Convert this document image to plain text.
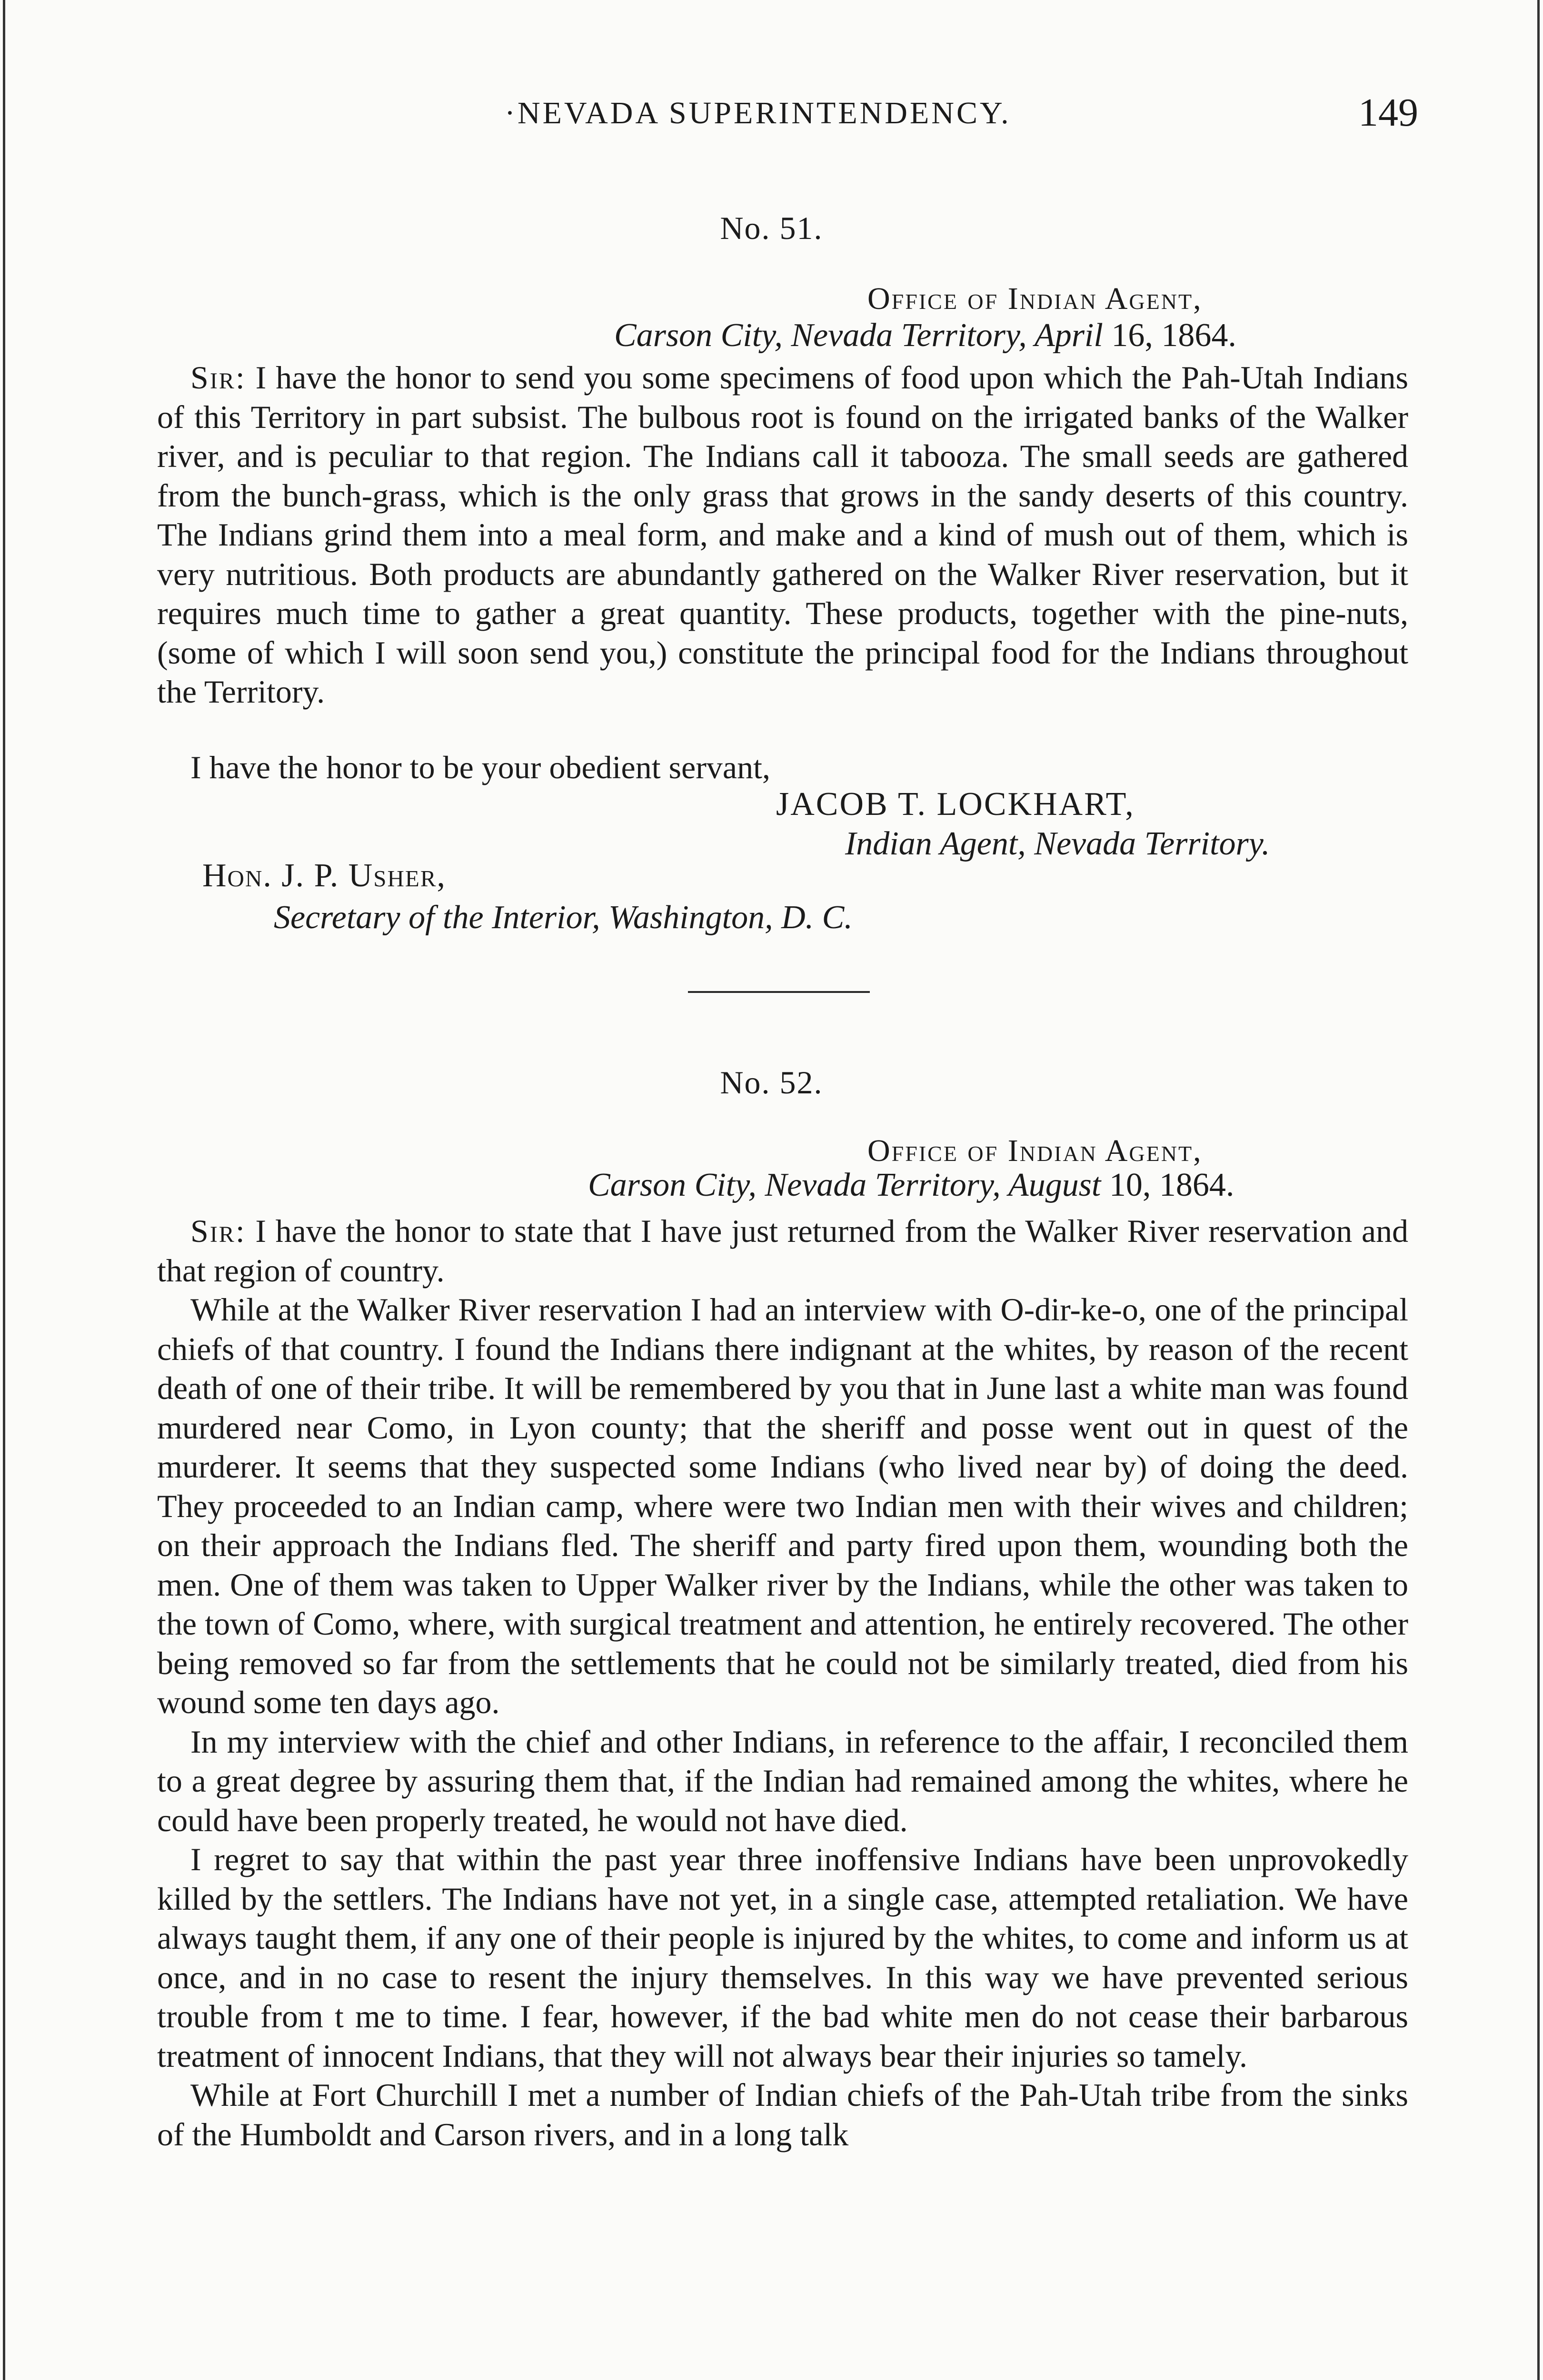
·NEVADA SUPERINTENDENCY.	149
No. 51.
Office of Indian Agent,
Carson City, Nevada Territory, April 16, 1864.

Sir: I have the honor to send you some specimens of food upon which the Pah-Utah Indians of this Territory in part subsist. The bulbous root is found on the irrigated banks of the Walker river, and is peculiar to that region. The Indians call it tabooza. The small seeds are gathered from the bunch-grass, which is the only grass that grows in the sandy deserts of this country. The Indians grind them into a meal form, and make and a kind of mush out of them, which is very nutritious. Both products are abundantly gathered on the Walker River reservation, but it requires much time to gather a great quantity. These products, together with the pine-nuts, (some of which I will soon send you,) constitute the principal food for the Indians throughout the Territory.

I have the honor to be your obedient servant,
JACOB T. LOCKHART,
Indian Agent, Nevada Territory.
Hon. J. P. Usher,
Secretary of the Interior, Washington, D. C.
No. 52.
Office of Indian Agent,
Carson City, Nevada Territory, August 10, 1864.

Sir: I have the honor to state that I have just returned from the Walker River reservation and that region of country.

While at the Walker River reservation I had an interview with O-dir-ke-o, one of the principal chiefs of that country. I found the Indians there indignant at the whites, by reason of the recent death of one of their tribe. It will be remembered by you that in June last a white man was found murdered near Como, in Lyon county; that the sheriff and posse went out in quest of the murderer. It seems that they suspected some Indians (who lived near by) of doing the deed. They proceeded to an Indian camp, where were two Indian men with their wives and children; on their approach the Indians fled. The sheriff and party fired upon them, wounding both the men. One of them was taken to Upper Walker river by the Indians, while the other was taken to the town of Como, where, with surgical treatment and attention, he entirely recovered. The other being removed so far from the settlements that he could not be similarly treated, died from his wound some ten days ago.

In my interview with the chief and other Indians, in reference to the affair, I reconciled them to a great degree by assuring them that, if the Indian had remained among the whites, where he could have been properly treated, he would not have died.

I regret to say that within the past year three inoffensive Indians have been unprovokedly killed by the settlers. The Indians have not yet, in a single case, attempted retaliation. We have always taught them, if any one of their people is injured by the whites, to come and inform us at once, and in no case to resent the injury themselves. In this way we have prevented serious trouble from t me to time. I fear, however, if the bad white men do not cease their barbarous treatment of innocent Indians, that they will not always bear their injuries so tamely.

While at Fort Churchill I met a number of Indian chiefs of the Pah-Utah tribe from the sinks of the Humboldt and Carson rivers, and in a long talk
